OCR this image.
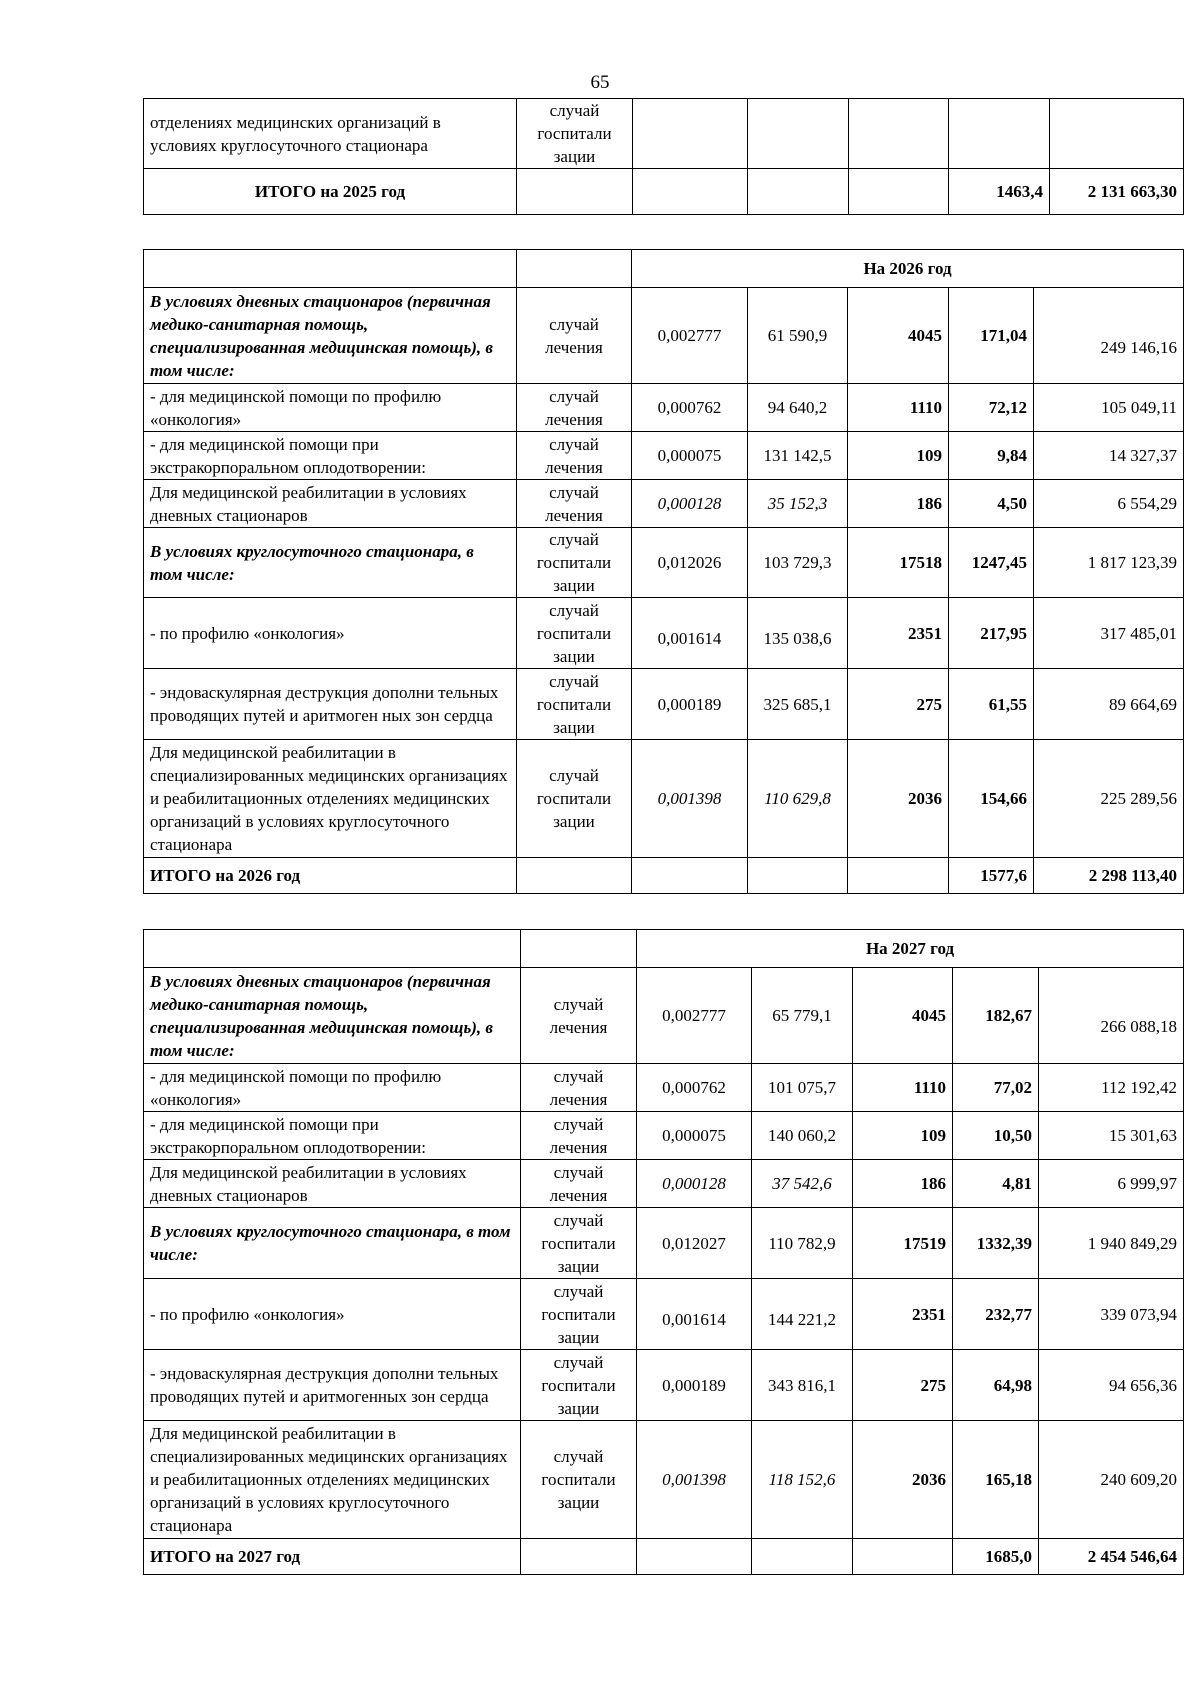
65
отделениях медицинских организаций в условиях круглосуточного стационара	случай госпитали зации					
ИТОГО на 2025 год					1463,4	2 131 663,30
		На 2026 год				
В условиях дневных стационаров (первичная медико-санитарная помощь, специализированная медицинская помощь), в том числе:	случай лечения	0,002777	61 590,9	4045	171,04	249 146,16
- для медицинской помощи по профилю «онкология»	случай лечения	0,000762	94 640,2	1110	72,12	105 049,11
- для медицинской помощи при экстракорпоральном оплодотворении:	случай лечения	0,000075	131 142,5	109	9,84	14 327,37
Для медицинской реабилитации в условиях дневных стационаров	случай лечения	0,000128	35 152,3	186	4,50	6 554,29
В условиях круглосуточного стационара, в том числе:	случай госпитали зации	0,012026	103 729,3	17518	1247,45	1 817 123,39
- по профилю «онкология»	случай госпитали зации	0,001614	135 038,6	2351	217,95	317 485,01
- эндоваскулярная деструкция дополни тельных проводящих путей и аритмоген ных зон сердца	случай госпитали зации	0,000189	325 685,1	275	61,55	89 664,69
Для медицинской реабилитации в специализированных медицинских организациях и реабилитационных отделениях медицинских организаций в условиях круглосуточного стационара	случай госпитали зации	0,001398	110 629,8	2036	154,66	225 289,56
ИТОГО на 2026 год					1577,6	2 298 113,40
		На 2027 год				
В условиях дневных стационаров (первичная медико-санитарная помощь, специализированная медицинская помощь), в том числе:	случай лечения	0,002777	65 779,1	4045	182,67	266 088,18
- для медицинской помощи по профилю «онкология»	случай лечения	0,000762	101 075,7	1110	77,02	112 192,42
- для медицинской помощи при экстракорпоральном оплодотворении:	случай лечения	0,000075	140 060,2	109	10,50	15 301,63
Для медицинской реабилитации в условиях дневных стационаров	случай лечения	0,000128	37 542,6	186	4,81	6 999,97
В условиях круглосуточного стационара, в том числе:	случай госпитали зации	0,012027	110 782,9	17519	1332,39	1 940 849,29
- по профилю «онкология»	случай госпитали зации	0,001614	144 221,2	2351	232,77	339 073,94
- эндоваскулярная деструкция дополни тельных проводящих путей и аритмогенных зон сердца	случай госпитали зации	0,000189	343 816,1	275	64,98	94 656,36
Для медицинской реабилитации в специализированных медицинских организациях и реабилитационных отделениях медицинских организаций в условиях круглосуточного стационара	случай госпитали зации	0,001398	118 152,6	2036	165,18	240 609,20
ИТОГО на 2027 год					1685,0	2 454 546,64
